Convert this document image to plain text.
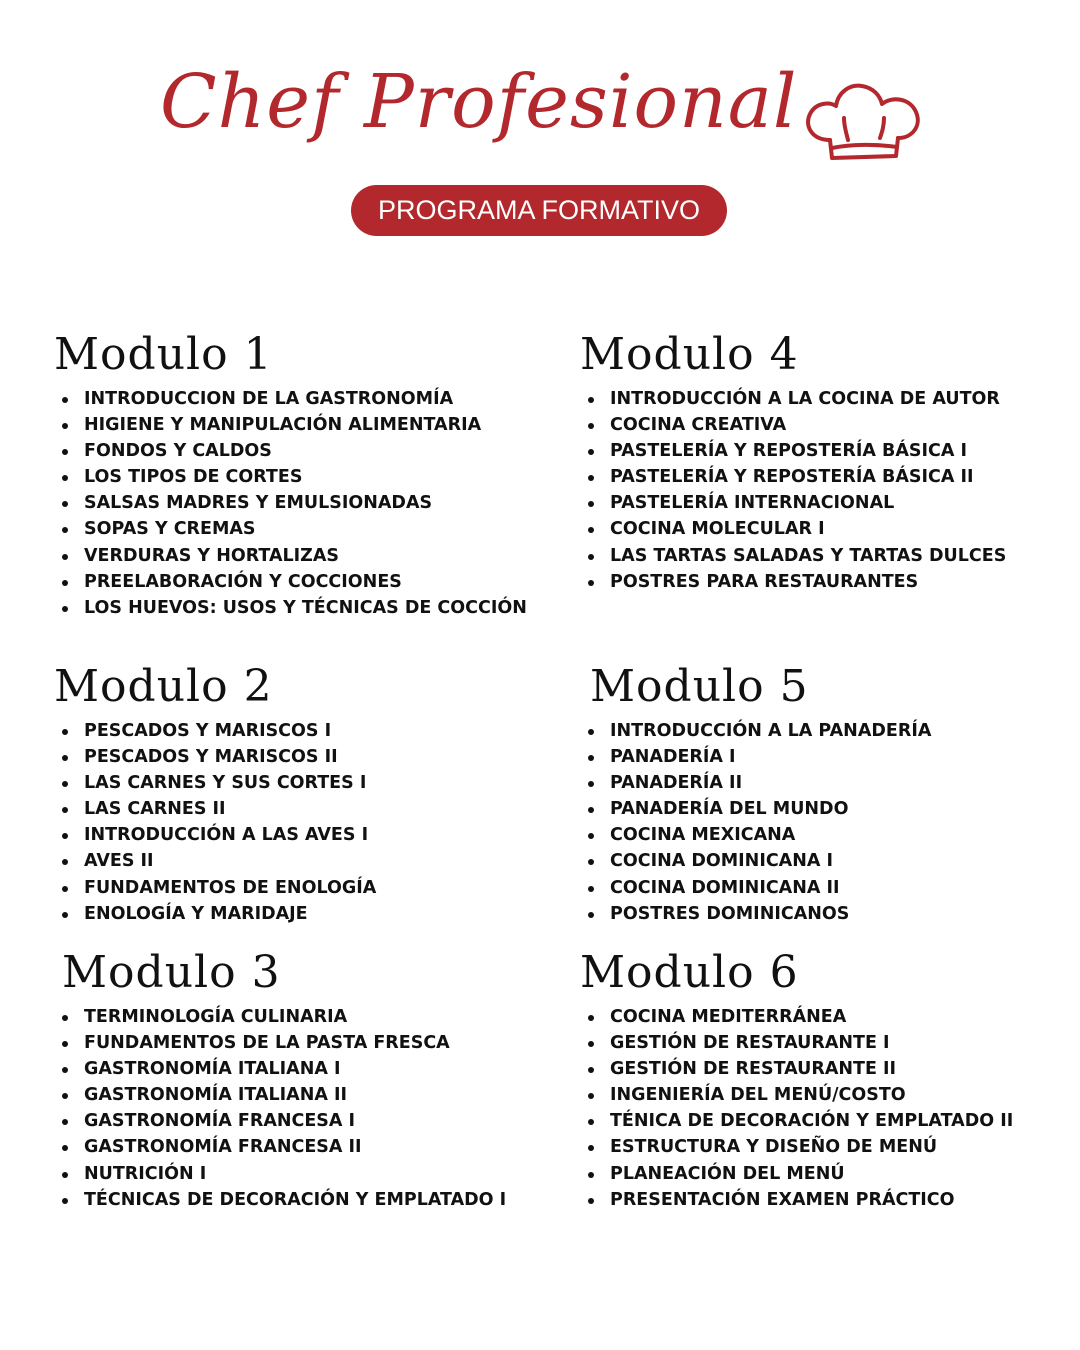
Chef Profesional
PROGRAMA FORMATIVO
Modulo 1
INTRODUCCION DE LA GASTRONOMÍA
HIGIENE Y MANIPULACIÓN ALIMENTARIA
FONDOS Y CALDOS
LOS TIPOS DE CORTES
SALSAS MADRES Y EMULSIONADAS
SOPAS Y CREMAS
VERDURAS Y HORTALIZAS
PREELABORACIÓN Y COCCIONES
LOS HUEVOS: USOS Y TÉCNICAS DE COCCIÓN
Modulo 4
INTRODUCCIÓN A LA COCINA DE AUTOR
COCINA CREATIVA
PASTELERÍA Y REPOSTERÍA BÁSICA I
PASTELERÍA Y REPOSTERÍA BÁSICA II
PASTELERÍA INTERNACIONAL
COCINA MOLECULAR I
LAS TARTAS SALADAS Y TARTAS DULCES
POSTRES PARA RESTAURANTES
Modulo 2
PESCADOS Y MARISCOS I
PESCADOS Y MARISCOS II
LAS CARNES Y SUS CORTES I
LAS CARNES II
INTRODUCCIÓN A LAS AVES I
AVES II
FUNDAMENTOS DE ENOLOGÍA
ENOLOGÍA Y MARIDAJE
Modulo 5
INTRODUCCIÓN A LA PANADERÍA
PANADERÍA I
PANADERÍA II
PANADERÍA DEL MUNDO
COCINA MEXICANA
COCINA DOMINICANA I
COCINA DOMINICANA II
POSTRES DOMINICANOS
Modulo 3
TERMINOLOGÍA CULINARIA
FUNDAMENTOS DE LA PASTA FRESCA
GASTRONOMÍA ITALIANA I
GASTRONOMÍA ITALIANA II
GASTRONOMÍA FRANCESA I
GASTRONOMÍA FRANCESA II
NUTRICIÓN I
TÉCNICAS DE DECORACIÓN Y EMPLATADO I
Modulo 6
COCINA MEDITERRÁNEA
GESTIÓN DE RESTAURANTE I
GESTIÓN DE RESTAURANTE II
INGENIERÍA DEL MENÚ/COSTO
TÉNICA DE DECORACIÓN Y EMPLATADO II
ESTRUCTURA Y DISEÑO DE MENÚ
PLANEACIÓN DEL MENÚ
PRESENTACIÓN EXAMEN PRÁCTICO
